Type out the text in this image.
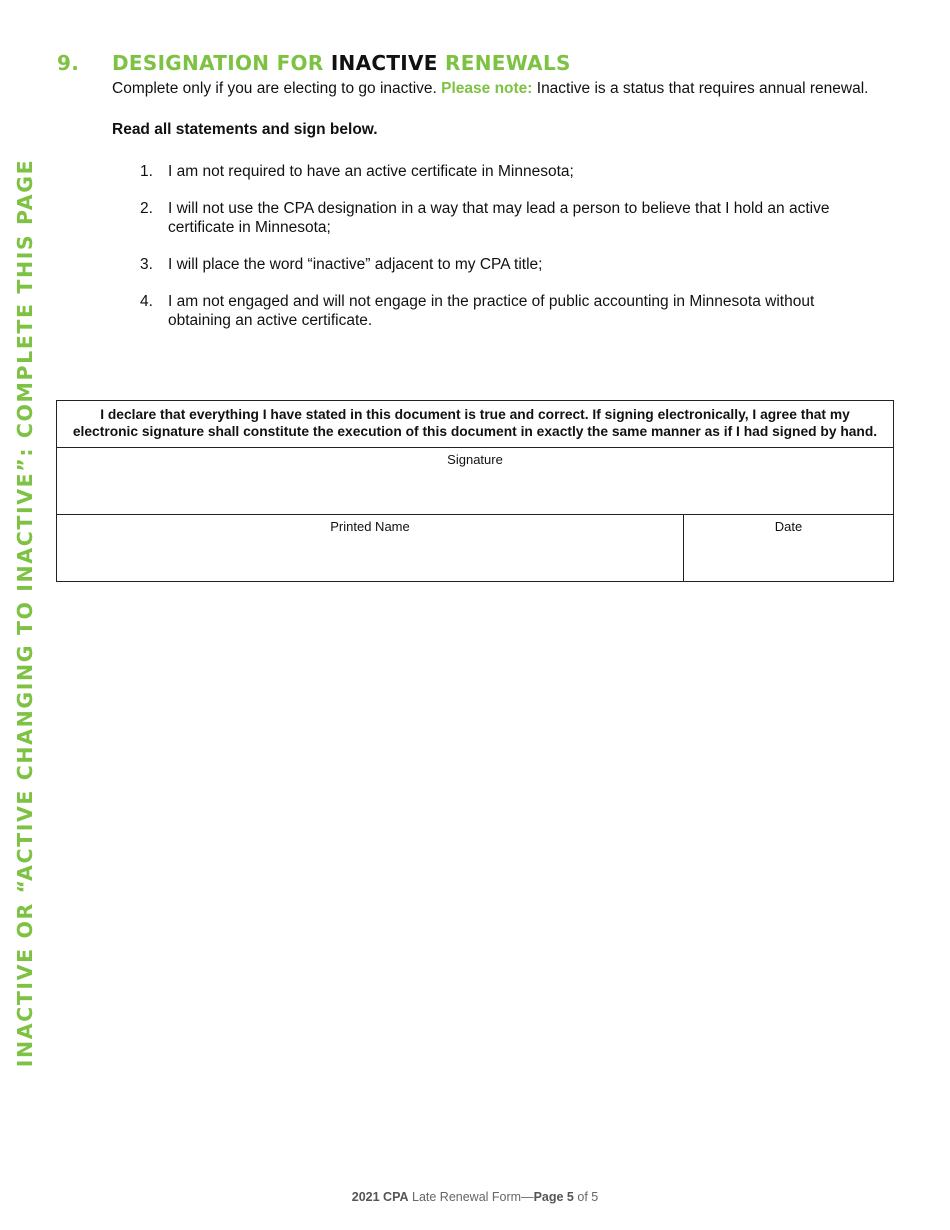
INACTIVE OR “ACTIVE CHANGING TO INACTIVE”: COMPLETE THIS PAGE
9. DESIGNATION FOR INACTIVE RENEWALS
Complete only if you are electing to go inactive. Please note: Inactive is a status that requires annual renewal.
Read all statements and sign below.
1. I am not required to have an active certificate in Minnesota;
2. I will not use the CPA designation in a way that may lead a person to believe that I hold an active certificate in Minnesota;
3. I will place the word “inactive” adjacent to my CPA title;
4. I am not engaged and will not engage in the practice of public accounting in Minnesota without obtaining an active certificate.
I declare that everything I have stated in this document is true and correct. If signing electronically, I agree that my electronic signature shall constitute the execution of this document in exactly the same manner as if I had signed by hand.
Signature
Printed Name	Date
2021 CPA Late Renewal Form—Page 5 of 5
